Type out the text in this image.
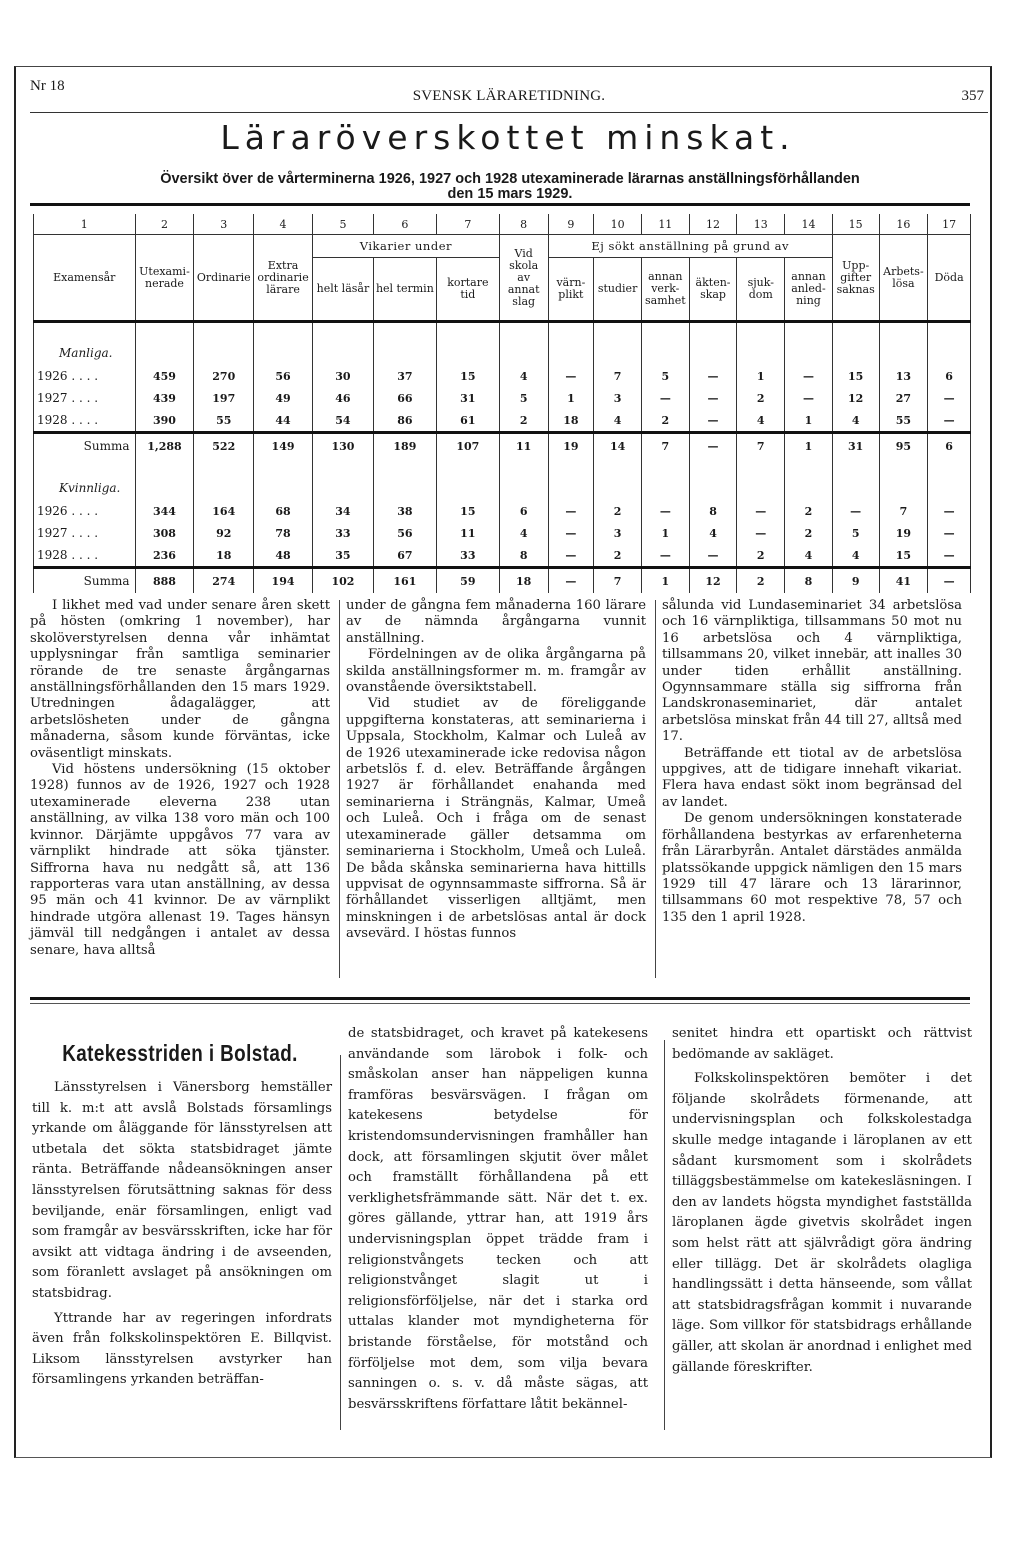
Nr 18
SVENSK LÄRARETIDNING.	357
Läraröverskottet minskat.
Översikt över de vårterminerna 1926, 1927 och 1928 utexaminerade lärarnas anställningsförhållanden
den 15 mars 1929.
1	2	3	4	5	6	7	8	9	10	11	12	13	14	15	16	17
Examensår	Utexami-nerade	Ordinarie	Extra ordinarie lärare	Vikarier under			Vid skola av annat slag	Ej sökt anställning på grund av						Upp-gifter saknas	Arbets-lösa	Döda
				helt läsår	hel termin	kortare tid		värn-plikt	studier	annan verk-samhet	äkten-skap	sjuk-dom	annan anled-ning			

Manliga.																
1926 . . . .	459	270	56	30	37	15	4	—	7	5	—	1	—	15	13	6
1927 . . . .	439	197	49	46	66	31	5	1	3	—	—	2	—	12	27	—
1928 . . . .	390	55	44	54	86	61	2	18	4	2	—	4	1	4	55	—
Summa	1,288	522	149	130	189	107	11	19	14	7	—	7	1	31	95	6

Kvinnliga.																
1926 . . . .	344	164	68	34	38	15	6	—	2	—	8	—	2	—	7	—
1927 . . . .	308	92	78	33	56	11	4	—	3	1	4	—	2	5	19	—
1928 . . . .	236	18	48	35	67	33	8	—	2	—	—	2	4	4	15	—
Summa	888	274	194	102	161	59	18	—	7	1	12	2	8	9	41	—

I likhet med vad under senare åren skett på hösten (omkring 1 november), har skolöverstyrelsen denna vår inhämtat upplysningar från samtliga seminarier rörande de tre senaste årgångarnas anställningsförhållanden den 15 mars 1929. Utredningen ådagalägger, att arbetslösheten under de gångna månaderna, såsom kunde förväntas, icke oväsentligt minskats.

Vid höstens undersökning (15 oktober 1928) funnos av de 1926, 1927 och 1928 utexaminerade eleverna 238 utan anställning, av vilka 138 voro män och 100 kvinnor. Därjämte uppgåvos 77 vara av värnplikt hindrade att söka tjänster. Siffrorna hava nu nedgått så, att 136 rapporteras vara utan anställning, av dessa 95 män och 41 kvinnor. De av värnplikt hindrade utgöra allenast 19. Tages hänsyn jämväl till nedgången i antalet av dessa senare, hava alltså

under de gångna fem månaderna 160 lärare av de nämnda årgångarna vunnit anställning.

Fördelningen av de olika årgångarna på skilda anställningsformer m. m. framgår av ovanstående översiktstabell.

Vid studiet av de föreliggande uppgifterna konstateras, att seminarierna i Uppsala, Stockholm, Kalmar och Luleå av de 1926 utexaminerade icke redovisa någon arbetslös f. d. elev. Beträffande årgången 1927 är förhållandet enahanda med seminarierna i Strängnäs, Kalmar, Umeå och Luleå. Och i fråga om de senast utexaminerade gäller detsamma om seminarierna i Stockholm, Umeå och Luleå. De båda skånska seminarierna hava hittills uppvisat de ogynnsammaste siffrorna. Så är förhållandet visserligen alltjämt, men minskningen i de arbetslösas antal är dock avsevärd. I höstas funnos

sålunda vid Lundaseminariet 34 arbetslösa och 16 värnpliktiga, tillsammans 50 mot nu 16 arbetslösa och 4 värnpliktiga, tillsammans 20, vilket innebär, att inalles 30 under tiden erhållit anställning. Ogynnsammare ställa sig siffrorna från Landskronaseminariet, där antalet arbetslösa minskat från 44 till 27, alltså med 17.

Beträffande ett tiotal av de arbetslösa uppgives, att de tidigare innehaft vikariat. Flera hava endast sökt inom begränsad del av landet.

De genom undersökningen konstaterade förhållandena bestyrkas av erfarenheterna från Lärarbyrån. Antalet därstädes anmälda platssökande uppgick nämligen den 15 mars 1929 till 47 lärare och 13 lärarinnor, tillsammans 60 mot respektive 78, 57 och 135 den 1 april 1928.

Katekesstriden i Bolstad.

Länsstyrelsen i Vänersborg hemställer till k. m:t att avslå Bolstads församlings yrkande om åläggande för länsstyrelsen att utbetala det sökta statsbidraget jämte ränta. Beträffande nådeansökningen anser länsstyrelsen förutsättning saknas för dess beviljande, enär församlingen, enligt vad som framgår av besvärsskriften, icke har för avsikt att vidtaga ändring i de avseenden, som föranlett avslaget på ansökningen om statsbidrag.

Yttrande har av regeringen infordrats även från folkskolinspektören E. Billqvist. Liksom länsstyrelsen avstyrker han församlingens yrkanden beträffan-

de statsbidraget, och kravet på katekesens användande som lärobok i folk- och småskolan anser han näppeligen kunna framföras besvärsvägen. I frågan om katekesens betydelse för kristendomsundervisningen framhåller han dock, att församlingen skjutit över målet och framställt förhållandena på ett verklighetsfrämmande sätt. När det t. ex. göres gällande, yttrar han, att 1919 års undervisningsplan öppet trädde fram i religionstvångets tecken och att religionstvånget slagit ut i religionsförföljelse, när det i starka ord uttalas klander mot myndigheterna för bristande förståelse, för motstånd och förföljelse mot dem, som vilja bevara sanningen o. s. v. då måste sägas, att besvärsskriftens författare låtit bekännel-

senitet hindra ett opartiskt och rättvist bedömande av sakläget.

Folkskolinspektören bemöter i det följande skolrådets förmenande, att undervisningsplan och folkskolestadga skulle medge intagande i läroplanen av ett sådant kursmoment som i skolrådets tilläggsbestämmelse om katekesläsningen. I den av landets högsta myndighet fastställda läroplanen ägde givetvis skolrådet ingen som helst rätt att självrådigt göra ändring eller tillägg. Det är skolrådets olagliga handlingssätt i detta hänseende, som vållat att statsbidragsfrågan kommit i nuvarande läge. Som villkor för statsbidrags erhållande gäller, att skolan är anordnad i enlighet med gällande föreskrifter.
